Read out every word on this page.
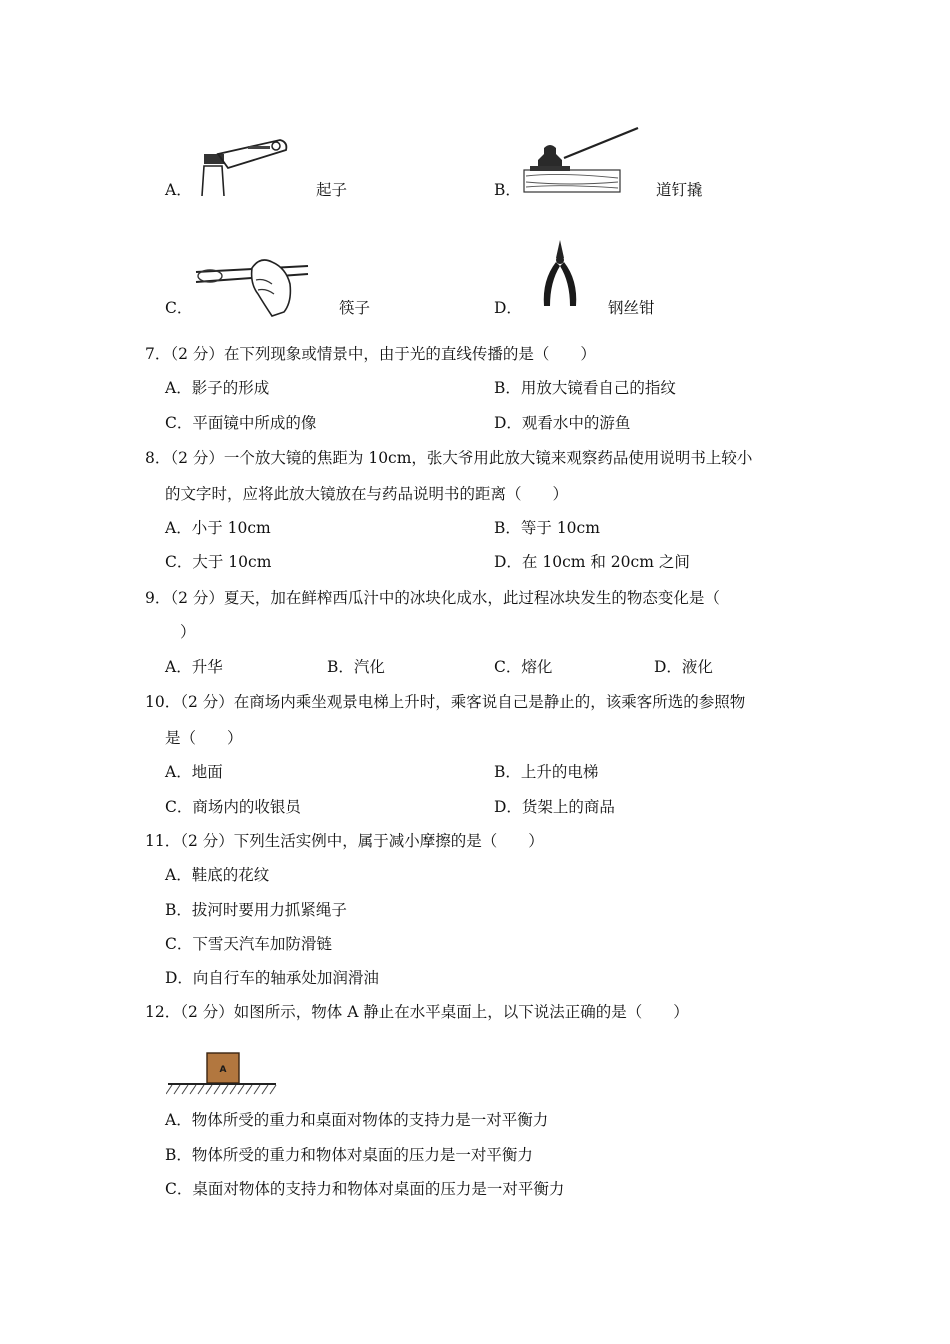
A．	起子	B．	道钉撬
C．	筷子	D．	钢丝钳
7．（2 分）在下列现象或情景中，由于光的直线传播的是（　　）
A．影子的形成	B．用放大镜看自己的指纹
C．平面镜中所成的像	D．观看水中的游鱼
8．（2 分）一个放大镜的焦距为 10cm，张大爷用此放大镜来观察药品使用说明书上较小
的文字时，应将此放大镜放在与药品说明书的距离（　　）
A．小于 10cm	B．等于 10cm
C．大于 10cm	D．在 10cm 和 20cm 之间
9．（2 分）夏天，加在鲜榨西瓜汁中的冰块化成水，此过程冰块发生的物态变化是（
）
A．升华	B．汽化	C．熔化	D．液化
10．（2 分）在商场内乘坐观景电梯上升时，乘客说自己是静止的，该乘客所选的参照物
是（　　）
A．地面	B．上升的电梯
C．商场内的收银员	D．货架上的商品
11．（2 分）下列生活实例中，属于减小摩擦的是（　　）
A．鞋底的花纹
B．拔河时要用力抓紧绳子
C．下雪天汽车加防滑链
D．向自行车的轴承处加润滑油
12．（2 分）如图所示，物体 A 静止在水平桌面上，以下说法正确的是（　　）
A
A．物体所受的重力和桌面对物体的支持力是一对平衡力
B．物体所受的重力和物体对桌面的压力是一对平衡力
C．桌面对物体的支持力和物体对桌面的压力是一对平衡力
